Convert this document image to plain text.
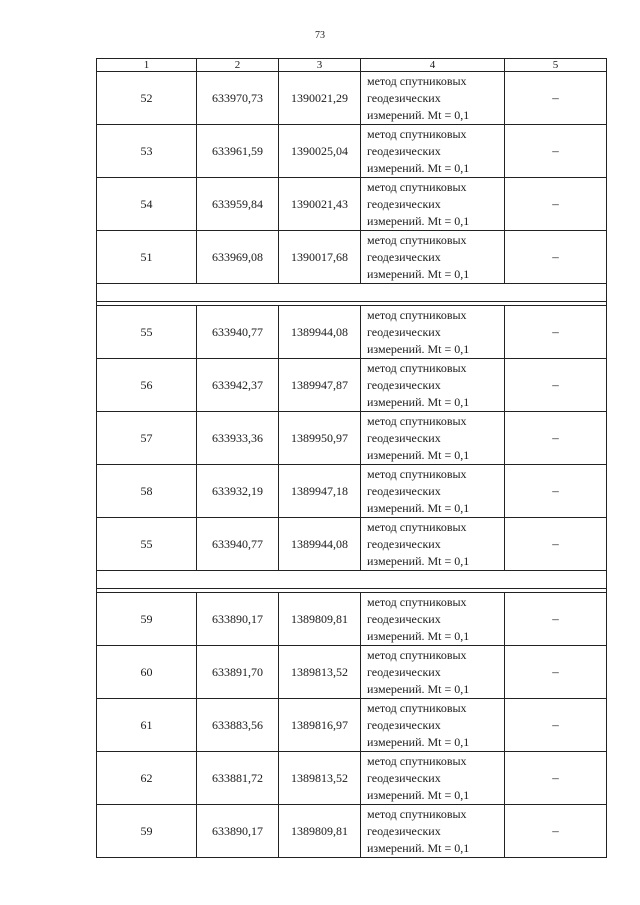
73
1	2	3	4	5
52	633970,73	1390021,29	метод спутниковых
геодезических
измерений. Mt = 0,1	–
53	633961,59	1390025,04	метод спутниковых
геодезических
измерений. Mt = 0,1	–
54	633959,84	1390021,43	метод спутниковых
геодезических
измерений. Mt = 0,1	–
51	633969,08	1390017,68	метод спутниковых
геодезических
измерений. Mt = 0,1	–

55	633940,77	1389944,08	метод спутниковых
геодезических
измерений. Mt = 0,1	–
56	633942,37	1389947,87	метод спутниковых
геодезических
измерений. Mt = 0,1	–
57	633933,36	1389950,97	метод спутниковых
геодезических
измерений. Mt = 0,1	–
58	633932,19	1389947,18	метод спутниковых
геодезических
измерений. Mt = 0,1	–
55	633940,77	1389944,08	метод спутниковых
геодезических
измерений. Mt = 0,1	–

59	633890,17	1389809,81	метод спутниковых
геодезических
измерений. Mt = 0,1	–
60	633891,70	1389813,52	метод спутниковых
геодезических
измерений. Mt = 0,1	–
61	633883,56	1389816,97	метод спутниковых
геодезических
измерений. Mt = 0,1	–
62	633881,72	1389813,52	метод спутниковых
геодезических
измерений. Mt = 0,1	–
59	633890,17	1389809,81	метод спутниковых
геодезических
измерений. Mt = 0,1	–
